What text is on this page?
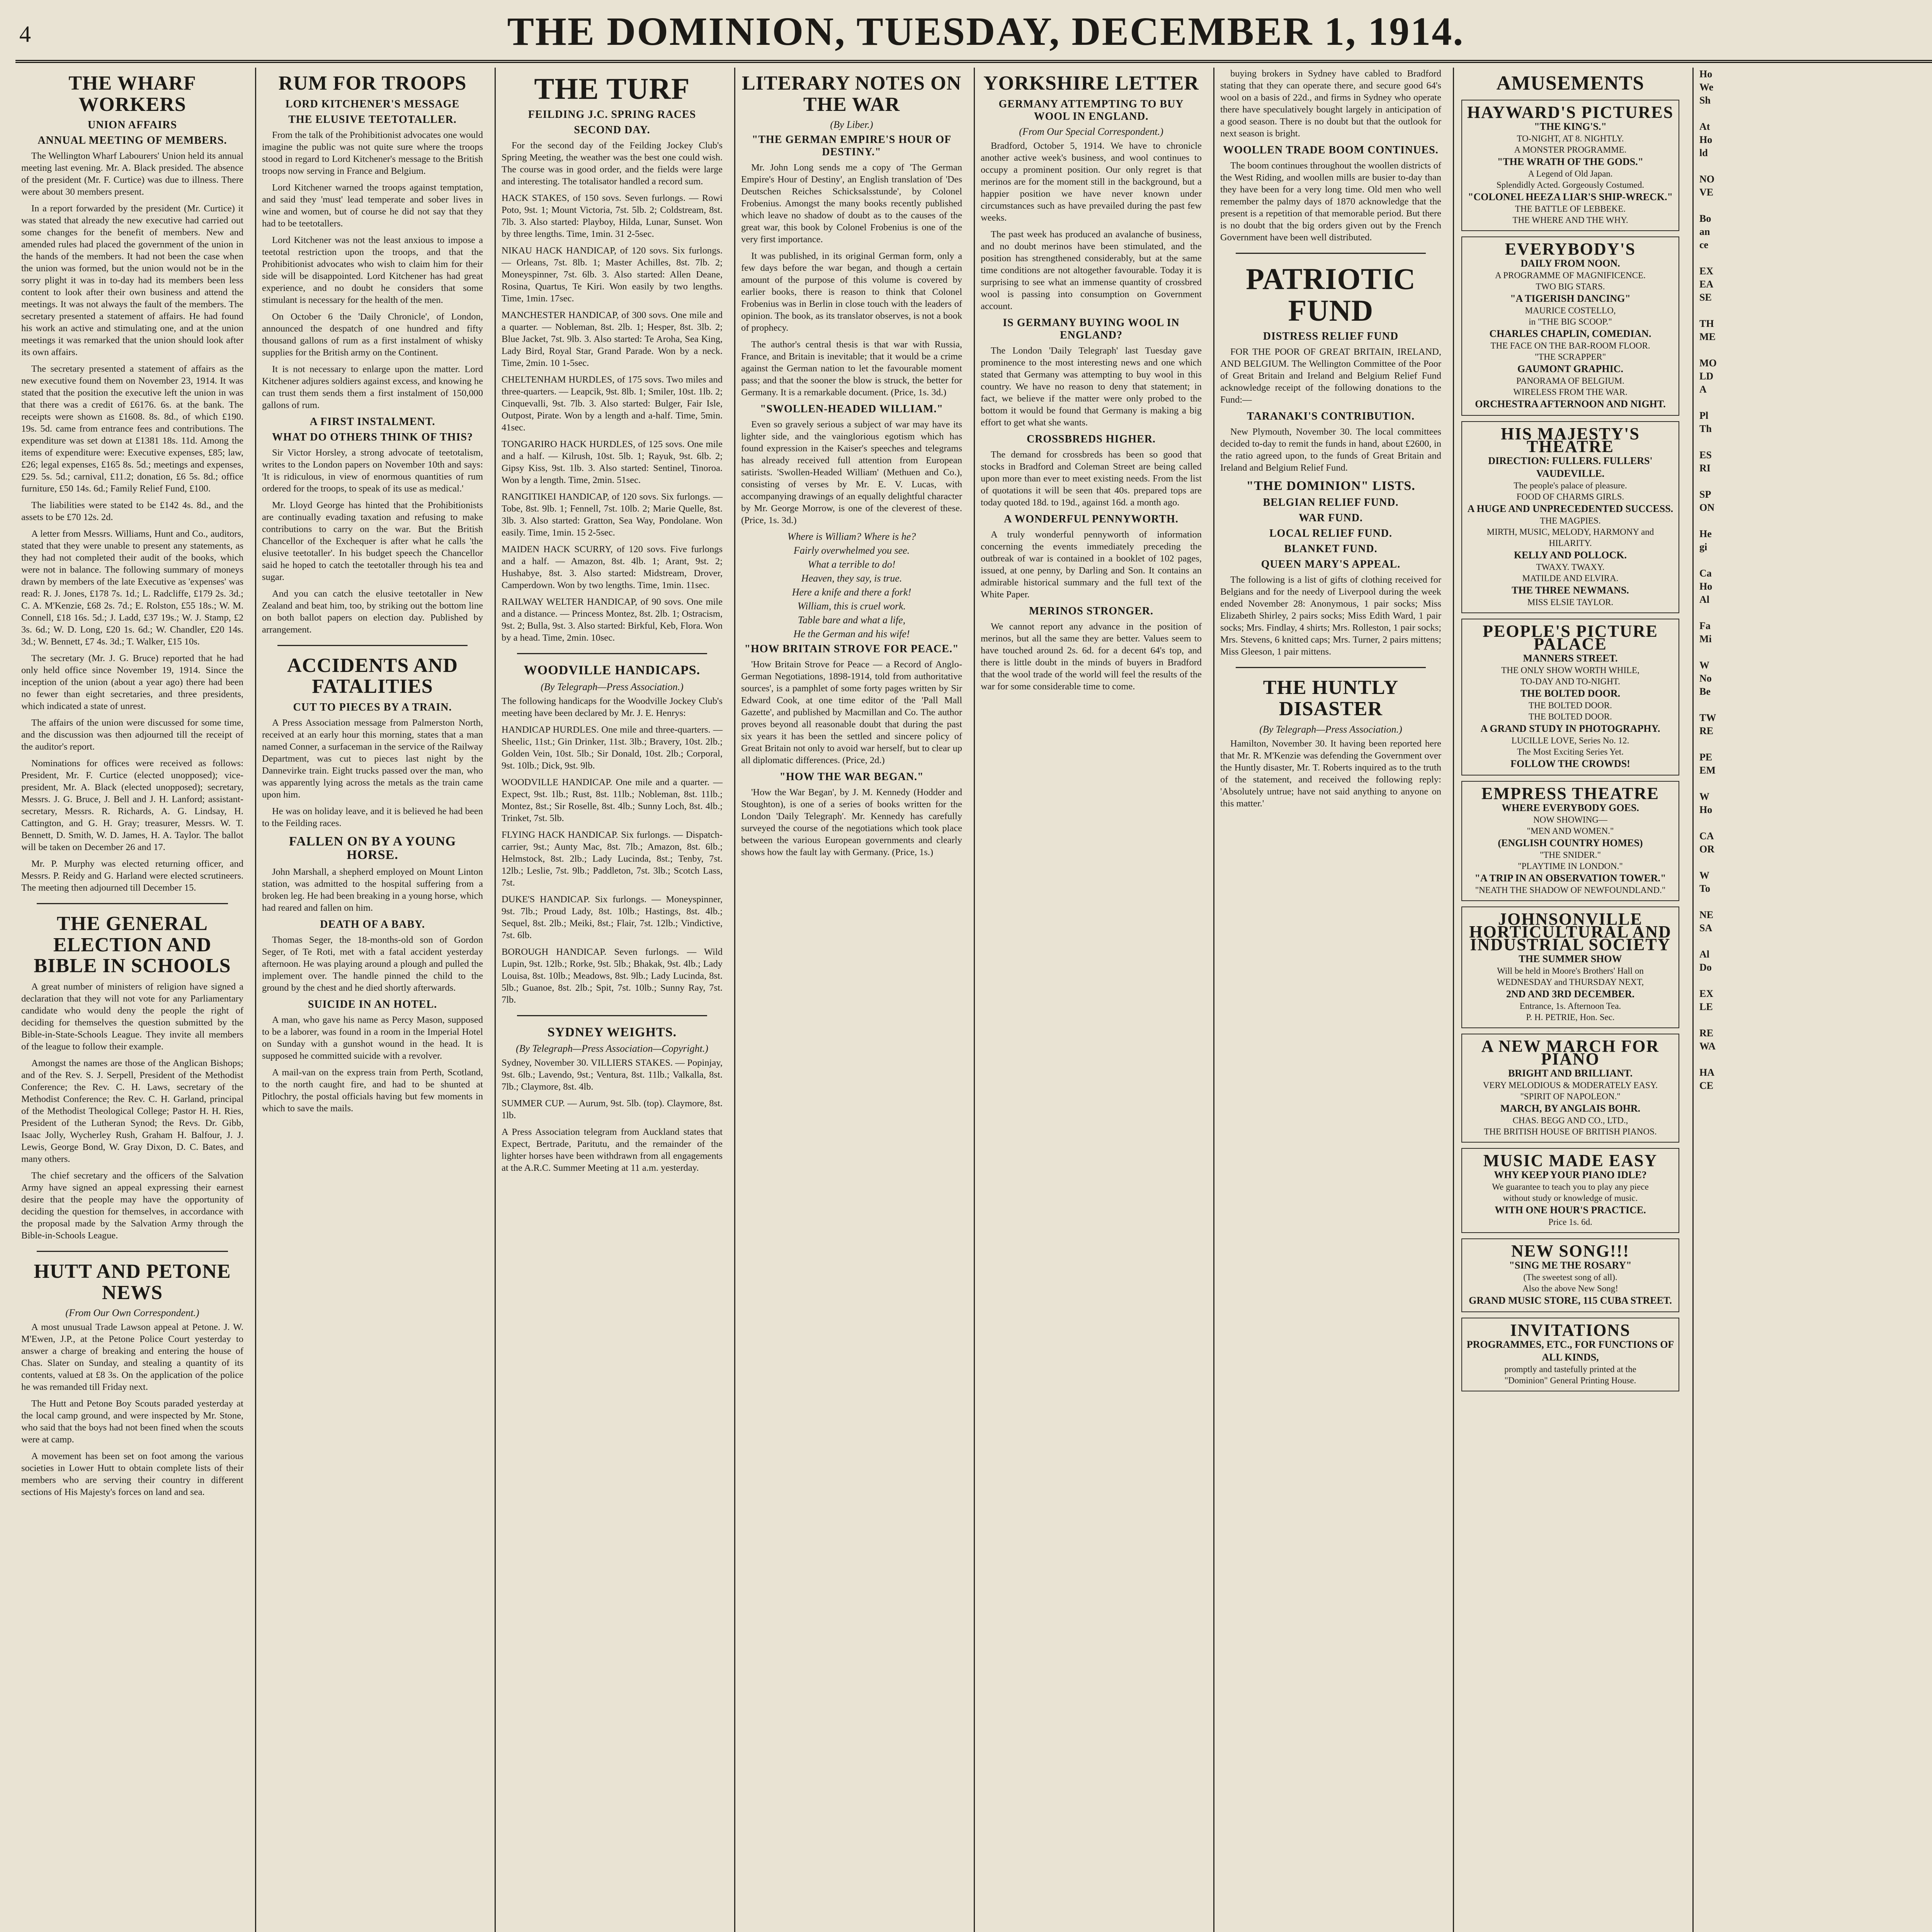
4	THE DOMINION, TUESDAY, DECEMBER 1, 1914.
THE WHARF WORKERS
UNION AFFAIRS
ANNUAL MEETING OF MEMBERS.

The Wellington Wharf Labourers' Union held its annual meeting last evening. Mr. A. Black presided. The absence of the president (Mr. F. Curtice) was due to illness. There were about 30 members present.

In a report forwarded by the president (Mr. Curtice) it was stated that already the new executive had carried out some changes for the benefit of members. New and amended rules had placed the government of the union in the hands of the members. It had not been the case when the union was formed, but the union would not be in the sorry plight it was in to-day had its members been less content to look after their own business and attend the meetings. It was not always the fault of the members. The secretary presented a statement of affairs. He had found his work an active and stimulating one, and at the union meetings it was remarked that the union should look after its own affairs.

The secretary presented a statement of affairs as the new executive found them on November 23, 1914. It was stated that the position the executive left the union in was that there was a credit of £6176. 6s. at the bank. The receipts were shown as £1608. 8s. 8d., of which £190. 19s. 5d. came from entrance fees and contributions. The expenditure was set down at £1381 18s. 11d. Among the items of expenditure were: Executive expenses, £85; law, £26; legal expenses, £165 8s. 5d.; meetings and expenses, £29. 5s. 5d.; carnival, £11.2; donation, £6 5s. 8d.; office furniture, £50 14s. 6d.; Family Relief Fund, £100.

The liabilities were stated to be £142 4s. 8d., and the assets to be £70 12s. 2d.

A letter from Messrs. Williams, Hunt and Co., auditors, stated that they were unable to present any statements, as they had not completed their audit of the books, which were not in balance. The following summary of moneys drawn by members of the late Executive as 'expenses' was read: R. J. Jones, £178 7s. 1d.; L. Radcliffe, £179 2s. 3d.; C. A. M'Kenzie, £68 2s. 7d.; E. Rolston, £55 18s.; W. M. Connell, £18 16s. 5d.; J. Ladd, £37 19s.; W. J. Stamp, £2 3s. 6d.; W. D. Long, £20 1s. 6d.; W. Chandler, £20 14s. 3d.; W. Bennett, £7 4s. 3d.; T. Walker, £15 10s.

The secretary (Mr. J. G. Bruce) reported that he had only held office since November 19, 1914. Since the inception of the union (about a year ago) there had been no fewer than eight secretaries, and three presidents, which indicated a state of unrest.

The affairs of the union were discussed for some time, and the discussion was then adjourned till the receipt of the auditor's report.

Nominations for offices were received as follows: President, Mr. F. Curtice (elected unopposed); vice-president, Mr. A. Black (elected unopposed); secretary, Messrs. J. G. Bruce, J. Bell and J. H. Lanford; assistant-secretary, Messrs. R. Richards, A. G. Lindsay, H. Cattington, and G. H. Gray; treasurer, Messrs. W. T. Bennett, D. Smith, W. D. James, H. A. Taylor. The ballot will be taken on December 26 and 17.

Mr. P. Murphy was elected returning officer, and Messrs. P. Reidy and G. Harland were elected scrutineers. The meeting then adjourned till December 15.

THE GENERAL ELECTION AND BIBLE IN SCHOOLS

A great number of ministers of religion have signed a declaration that they will not vote for any Parliamentary candidate who would deny the people the right of deciding for themselves the question submitted by the Bible-in-State-Schools League. They invite all members of the league to follow their example.

Amongst the names are those of the Anglican Bishops; and of the Rev. S. J. Serpell, President of the Methodist Conference; the Rev. C. H. Laws, secretary of the Methodist Conference; the Rev. C. H. Garland, principal of the Methodist Theological College; Pastor H. H. Ries, President of the Lutheran Synod; the Revs. Dr. Gibb, Isaac Jolly, Wycherley Rush, Graham H. Balfour, J. J. Lewis, George Bond, W. Gray Dixon, D. C. Bates, and many others.

The chief secretary and the officers of the Salvation Army have signed an appeal expressing their earnest desire that the people may have the opportunity of deciding the question for themselves, in accordance with the proposal made by the Salvation Army through the Bible-in-Schools League.

HUTT AND PETONE NEWS
(From Our Own Correspondent.)

A most unusual Trade Lawson appeal at Petone. J. W. M'Ewen, J.P., at the Petone Police Court yesterday to answer a charge of breaking and entering the house of Chas. Slater on Sunday, and stealing a quantity of its contents, valued at £8 3s. On the application of the police he was remanded till Friday next.

The Hutt and Petone Boy Scouts paraded yesterday at the local camp ground, and were inspected by Mr. Stone, who said that the boys had not been fined when the scouts were at camp.

A movement has been set on foot among the various societies in Lower Hutt to obtain complete lists of their members who are serving their country in different sections of His Majesty's forces on land and sea.

RUM FOR TROOPS
LORD KITCHENER'S MESSAGE
THE ELUSIVE TEETOTALLER.

From the talk of the Prohibitionist advocates one would imagine the public was not quite sure where the troops stood in regard to Lord Kitchener's message to the British troops now serving in France and Belgium.

Lord Kitchener warned the troops against temptation, and said they 'must' lead temperate and sober lives in wine and women, but of course he did not say that they had to be teetotallers.

Lord Kitchener was not the least anxious to impose a teetotal restriction upon the troops, and that the Prohibitionist advocates who wish to claim him for their side will be disappointed. Lord Kitchener has had great experience, and no doubt he considers that some stimulant is necessary for the health of the men.

On October 6 the 'Daily Chronicle', of London, announced the despatch of one hundred and fifty thousand gallons of rum as a first instalment of whisky supplies for the British army on the Continent.

It is not necessary to enlarge upon the matter. Lord Kitchener adjures soldiers against excess, and knowing he can trust them sends them a first instalment of 150,000 gallons of rum.

A FIRST INSTALMENT.
WHAT DO OTHERS THINK OF THIS?

Sir Victor Horsley, a strong advocate of teetotalism, writes to the London papers on November 10th and says: 'It is ridiculous, in view of enormous quantities of rum ordered for the troops, to speak of its use as medical.'

Mr. Lloyd George has hinted that the Prohibitionists are continually evading taxation and refusing to make contributions to carry on the war. But the British Chancellor of the Exchequer is after what he calls 'the elusive teetotaller'. In his budget speech the Chancellor said he hoped to catch the teetotaller through his tea and sugar.

And you can catch the elusive teetotaller in New Zealand and beat him, too, by striking out the bottom line on both ballot papers on election day. Published by arrangement.

ACCIDENTS AND FATALITIES
CUT TO PIECES BY A TRAIN.

A Press Association message from Palmerston North, received at an early hour this morning, states that a man named Conner, a surfaceman in the service of the Railway Department, was cut to pieces last night by the Dannevirke train. Eight trucks passed over the man, who was apparently lying across the metals as the train came upon him.

He was on holiday leave, and it is believed he had been to the Feilding races.

FALLEN ON BY A YOUNG HORSE.

John Marshall, a shepherd employed on Mount Linton station, was admitted to the hospital suffering from a broken leg. He had been breaking in a young horse, which had reared and fallen on him.

DEATH OF A BABY.

Thomas Seger, the 18-months-old son of Gordon Seger, of Te Roti, met with a fatal accident yesterday afternoon. He was playing around a plough and pulled the implement over. The handle pinned the child to the ground by the chest and he died shortly afterwards.

SUICIDE IN AN HOTEL.

A man, who gave his name as Percy Mason, supposed to be a laborer, was found in a room in the Imperial Hotel on Sunday with a gunshot wound in the head. It is supposed he committed suicide with a revolver.

A mail-van on the express train from Perth, Scotland, to the north caught fire, and had to be shunted at Pitlochry, the postal officials having but few moments in which to save the mails.

THE TURF
FEILDING J.C. SPRING RACES
SECOND DAY.

For the second day of the Feilding Jockey Club's Spring Meeting, the weather was the best one could wish. The course was in good order, and the fields were large and interesting. The totalisator handled a record sum.

HACK STAKES, of 150 sovs. Seven furlongs. — Rowi Poto, 9st. 1; Mount Victoria, 7st. 5lb. 2; Coldstream, 8st. 7lb. 3. Also started: Playboy, Hilda, Lunar, Sunset. Won by three lengths. Time, 1min. 31 2-5sec.

NIKAU HACK HANDICAP, of 120 sovs. Six furlongs. — Orleans, 7st. 8lb. 1; Master Achilles, 8st. 7lb. 2; Moneyspinner, 7st. 6lb. 3. Also started: Allen Deane, Rosina, Quartus, Te Kiri. Won easily by two lengths. Time, 1min. 17sec.

MANCHESTER HANDICAP, of 300 sovs. One mile and a quarter. — Nobleman, 8st. 2lb. 1; Hesper, 8st. 3lb. 2; Blue Jacket, 7st. 9lb. 3. Also started: Te Aroha, Sea King, Lady Bird, Royal Star, Grand Parade. Won by a neck. Time, 2min. 10 1-5sec.

CHELTENHAM HURDLES, of 175 sovs. Two miles and three-quarters. — Leapcik, 9st. 8lb. 1; Smiler, 10st. 1lb. 2; Cinquevalli, 9st. 7lb. 3. Also started: Bulger, Fair Isle, Outpost, Pirate. Won by a length and a-half. Time, 5min. 41sec.

TONGARIRO HACK HURDLES, of 125 sovs. One mile and a half. — Kilrush, 10st. 5lb. 1; Rayuk, 9st. 6lb. 2; Gipsy Kiss, 9st. 1lb. 3. Also started: Sentinel, Tinoroa. Won by a length. Time, 2min. 51sec.

RANGITIKEI HANDICAP, of 120 sovs. Six furlongs. — Tobe, 8st. 9lb. 1; Fennell, 7st. 10lb. 2; Marie Quelle, 8st. 3lb. 3. Also started: Gratton, Sea Way, Pondolane. Won easily. Time, 1min. 15 2-5sec.

MAIDEN HACK SCURRY, of 120 sovs. Five furlongs and a half. — Amazon, 8st. 4lb. 1; Arant, 9st. 2; Hushabye, 8st. 3. Also started: Midstream, Drover, Camperdown. Won by two lengths. Time, 1min. 11sec.

RAILWAY WELTER HANDICAP, of 90 sovs. One mile and a distance. — Princess Montez, 8st. 2lb. 1; Ostracism, 9st. 2; Bulla, 9st. 3. Also started: Birkful, Keb, Flora. Won by a head. Time, 2min. 10sec.

WOODVILLE HANDICAPS.
(By Telegraph—Press Association.)

The following handicaps for the Woodville Jockey Club's meeting have been declared by Mr. J. E. Henrys:

HANDICAP HURDLES. One mile and three-quarters. — Sheelic, 11st.; Gin Drinker, 11st. 3lb.; Bravery, 10st. 2lb.; Golden Vein, 10st. 5lb.; Sir Donald, 10st. 2lb.; Corporal, 9st. 10lb.; Dick, 9st. 9lb.

WOODVILLE HANDICAP. One mile and a quarter. — Expect, 9st. 1lb.; Rust, 8st. 11lb.; Nobleman, 8st. 11lb.; Montez, 8st.; Sir Roselle, 8st. 4lb.; Sunny Loch, 8st. 4lb.; Trinket, 7st. 5lb.

FLYING HACK HANDICAP. Six furlongs. — Dispatch-carrier, 9st.; Aunty Mac, 8st. 7lb.; Amazon, 8st. 6lb.; Helmstock, 8st. 2lb.; Lady Lucinda, 8st.; Tenby, 7st. 12lb.; Leslie, 7st. 9lb.; Paddleton, 7st. 3lb.; Scotch Lass, 7st.

DUKE'S HANDICAP. Six furlongs. — Moneyspinner, 9st. 7lb.; Proud Lady, 8st. 10lb.; Hastings, 8st. 4lb.; Sequel, 8st. 2lb.; Meiki, 8st.; Flair, 7st. 12lb.; Vindictive, 7st. 6lb.

BOROUGH HANDICAP. Seven furlongs. — Wild Lupin, 9st. 12lb.; Rorke, 9st. 5lb.; Bhakak, 9st. 4lb.; Lady Louisa, 8st. 10lb.; Meadows, 8st. 9lb.; Lady Lucinda, 8st. 5lb.; Guanoe, 8st. 2lb.; Spit, 7st. 10lb.; Sunny Ray, 7st. 7lb.

SYDNEY WEIGHTS.
(By Telegraph—Press Association—Copyright.)

Sydney, November 30. VILLIERS STAKES. — Popinjay, 9st. 6lb.; Lavendo, 9st.; Ventura, 8st. 11lb.; Valkalla, 8st. 7lb.; Claymore, 8st. 4lb.

SUMMER CUP. — Aurum, 9st. 5lb. (top). Claymore, 8st. 1lb.

A Press Association telegram from Auckland states that Expect, Bertrade, Paritutu, and the remainder of the lighter horses have been withdrawn from all engagements at the A.R.C. Summer Meeting at 11 a.m. yesterday.

LITERARY NOTES ON THE WAR
(By Liber.)
"THE GERMAN EMPIRE'S HOUR OF DESTINY."

Mr. John Long sends me a copy of 'The German Empire's Hour of Destiny', an English translation of 'Des Deutschen Reiches Schicksalsstunde', by Colonel Frobenius. Amongst the many books recently published which leave no shadow of doubt as to the causes of the great war, this book by Colonel Frobenius is one of the very first importance.

It was published, in its original German form, only a few days before the war began, and though a certain amount of the purpose of this volume is covered by earlier books, there is reason to think that Colonel Frobenius was in Berlin in close touch with the leaders of opinion. The book, as its translator observes, is not a book of prophecy.

The author's central thesis is that war with Russia, France, and Britain is inevitable; that it would be a crime against the German nation to let the favourable moment pass; and that the sooner the blow is struck, the better for Germany. It is a remarkable document. (Price, 1s. 3d.)

"SWOLLEN-HEADED WILLIAM."

Even so gravely serious a subject of war may have its lighter side, and the vainglorious egotism which has found expression in the Kaiser's speeches and telegrams has already received full attention from European satirists. 'Swollen-Headed William' (Methuen and Co.), consisting of verses by Mr. E. V. Lucas, with accompanying drawings of an equally delightful character by Mr. George Morrow, is one of the cleverest of these. (Price, 1s. 3d.)

Where is William? Where is he?
Fairly overwhelmed you see.
What a terrible to do!
Heaven, they say, is true.
Here a knife and there a fork!
William, this is cruel work.
Table bare and what a life,
He the German and his wife!
"HOW BRITAIN STROVE FOR PEACE."

'How Britain Strove for Peace — a Record of Anglo-German Negotiations, 1898-1914, told from authoritative sources', is a pamphlet of some forty pages written by Sir Edward Cook, at one time editor of the 'Pall Mall Gazette', and published by Macmillan and Co. The author proves beyond all reasonable doubt that during the past six years it has been the settled and sincere policy of Great Britain not only to avoid war herself, but to clear up all diplomatic differences. (Price, 2d.)

"HOW THE WAR BEGAN."

'How the War Began', by J. M. Kennedy (Hodder and Stoughton), is one of a series of books written for the London 'Daily Telegraph'. Mr. Kennedy has carefully surveyed the course of the negotiations which took place between the various European governments and clearly shows how the fault lay with Germany. (Price, 1s.)

YORKSHIRE LETTER
GERMANY ATTEMPTING TO BUY WOOL IN ENGLAND.
(From Our Special Correspondent.)

Bradford, October 5, 1914. We have to chronicle another active week's business, and wool continues to occupy a prominent position. Our only regret is that merinos are for the moment still in the background, but a happier position we have never known under circumstances such as have prevailed during the past few weeks.

The past week has produced an avalanche of business, and no doubt merinos have been stimulated, and the position has strengthened considerably, but at the same time conditions are not altogether favourable. Today it is surprising to see what an immense quantity of crossbred wool is passing into consumption on Government account.

IS GERMANY BUYING WOOL IN ENGLAND?

The London 'Daily Telegraph' last Tuesday gave prominence to the most interesting news and one which stated that Germany was attempting to buy wool in this country. We have no reason to deny that statement; in fact, we believe if the matter were only probed to the bottom it would be found that Germany is making a big effort to get what she wants.

CROSSBREDS HIGHER.

The demand for crossbreds has been so good that stocks in Bradford and Coleman Street are being called upon more than ever to meet existing needs. From the list of quotations it will be seen that 40s. prepared tops are today quoted 18d. to 19d., against 16d. a month ago.

A WONDERFUL PENNYWORTH.

A truly wonderful pennyworth of information concerning the events immediately preceding the outbreak of war is contained in a booklet of 102 pages, issued, at one penny, by Darling and Son. It contains an admirable historical summary and the full text of the White Paper.

MERINOS STRONGER.

We cannot report any advance in the position of merinos, but all the same they are better. Values seem to have touched around 2s. 6d. for a decent 64's top, and there is little doubt in the minds of buyers in Bradford that the wool trade of the world will feel the results of the war for some considerable time to come.

buying brokers in Sydney have cabled to Bradford stating that they can operate there, and secure good 64's wool on a basis of 22d., and firms in Sydney who operate there have speculatively bought largely in anticipation of a good season. There is no doubt but that the outlook for next season is bright.

WOOLLEN TRADE BOOM CONTINUES.

The boom continues throughout the woollen districts of the West Riding, and woollen mills are busier to-day than they have been for a very long time. Old men who well remember the palmy days of 1870 acknowledge that the present is a repetition of that memorable period. But there is no doubt that the big orders given out by the French Government have been well distributed.

PATRIOTIC FUND
DISTRESS RELIEF FUND

FOR THE POOR OF GREAT BRITAIN, IRELAND, AND BELGIUM. The Wellington Committee of the Poor of Great Britain and Ireland and Belgium Relief Fund acknowledge receipt of the following donations to the Fund:—

TARANAKI'S CONTRIBUTION.

New Plymouth, November 30. The local committees decided to-day to remit the funds in hand, about £2600, in the ratio agreed upon, to the funds of Great Britain and Ireland and Belgium Relief Fund.

"THE DOMINION" LISTS.
BELGIAN RELIEF FUND.
WAR FUND.
LOCAL RELIEF FUND.
BLANKET FUND.
QUEEN MARY'S APPEAL.

The following is a list of gifts of clothing received for Belgians and for the needy of Liverpool during the week ended November 28: Anonymous, 1 pair socks; Miss Elizabeth Shirley, 2 pairs socks; Miss Edith Ward, 1 pair socks; Mrs. Findlay, 4 shirts; Mrs. Rolleston, 1 pair socks; Mrs. Stevens, 6 knitted caps; Mrs. Turner, 2 pairs mittens; Miss Gleeson, 1 pair mittens.

THE HUNTLY DISASTER
(By Telegraph—Press Association.)

Hamilton, November 30. It having been reported here that Mr. R. M'Kenzie was defending the Government over the Huntly disaster, Mr. T. Roberts inquired as to the truth of the statement, and received the following reply: 'Absolutely untrue; have not said anything to anyone on this matter.'

AMUSEMENTS
HAYWARD'S PICTURES
"THE KING'S."
TO-NIGHT, AT 8. NIGHTLY.
A MONSTER PROGRAMME.
"THE WRATH OF THE GODS."
A Legend of Old Japan.
Splendidly Acted. Gorgeously Costumed.
"COLONEL HEEZA LIAR'S SHIP-WRECK."
THE BATTLE OF LEBBEKE.
THE WHERE AND THE WHY.
EVERYBODY'S
DAILY FROM NOON.
A PROGRAMME OF MAGNIFICENCE.
TWO BIG STARS.
"A TIGERISH DANCING"
MAURICE COSTELLO,
in "THE BIG SCOOP."
CHARLES CHAPLIN, COMEDIAN.
THE FACE ON THE BAR-ROOM FLOOR.
"THE SCRAPPER"
GAUMONT GRAPHIC.
PANORAMA OF BELGIUM.
WIRELESS FROM THE WAR.
ORCHESTRA AFTERNOON AND NIGHT.
HIS MAJESTY'S THEATRE
DIRECTION: FULLERS. FULLERS' VAUDEVILLE.
The people's palace of pleasure.
FOOD OF CHARMS GIRLS.
A HUGE AND UNPRECEDENTED SUCCESS.
THE MAGPIES.
MIRTH, MUSIC, MELODY, HARMONY and HILARITY.
KELLY AND POLLOCK.
TWAXY. TWAXY.
MATILDE AND ELVIRA.
THE THREE NEWMANS.
MISS ELSIE TAYLOR.
PEOPLE'S PICTURE PALACE
MANNERS STREET.
THE ONLY SHOW WORTH WHILE,
TO-DAY AND TO-NIGHT.
THE BOLTED DOOR.
THE BOLTED DOOR.
THE BOLTED DOOR.
A GRAND STUDY IN PHOTOGRAPHY.
LUCILLE LOVE, Series No. 12.
The Most Exciting Series Yet.
FOLLOW THE CROWDS!
EMPRESS THEATRE
WHERE EVERYBODY GOES.
NOW SHOWING—
"MEN AND WOMEN."
(ENGLISH COUNTRY HOMES)
"THE SNIDER."
"PLAYTIME IN LONDON."
"A TRIP IN AN OBSERVATION TOWER."
"NEATH THE SHADOW OF NEWFOUNDLAND."
JOHNSONVILLE HORTICULTURAL AND INDUSTRIAL SOCIETY
THE SUMMER SHOW
Will be held in Moore's Brothers' Hall on
WEDNESDAY and THURSDAY NEXT,
2ND AND 3RD DECEMBER.
Entrance, 1s. Afternoon Tea.
P. H. PETRIE, Hon. Sec.
A NEW MARCH FOR PIANO
BRIGHT AND BRILLIANT.
VERY MELODIOUS & MODERATELY EASY.
"SPIRIT OF NAPOLEON."
MARCH, BY ANGLAIS BOHR.
CHAS. BEGG AND CO., LTD.,
THE BRITISH HOUSE OF BRITISH PIANOS.
MUSIC MADE EASY
WHY KEEP YOUR PIANO IDLE?
We guarantee to teach you to play any piece
without study or knowledge of music.
WITH ONE HOUR'S PRACTICE.
Price 1s. 6d.
NEW SONG!!!
"SING ME THE ROSARY"
(The sweetest song of all).
Also the above New Song!
GRAND MUSIC STORE, 115 CUBA STREET.
INVITATIONS
PROGRAMMES, ETC., FOR FUNCTIONS OF ALL KINDS,
promptly and tastefully printed at the
"Dominion" General Printing House.
Ho
We
Sh

At
Ho
ld

NO
VE

Bo
an
ce

EX
EA
SE

TH
ME

MO
LD
A

Pl
Th

ES
RI

SP
ON

He
gi

Ca
Ho
Al

Fa
Mi

W
No
Be

TW
RE

PE
EM

W
Ho

CA
OR

W
To

NE
SA

Al
Do

EX
LE

RE
WA

HA
CE
